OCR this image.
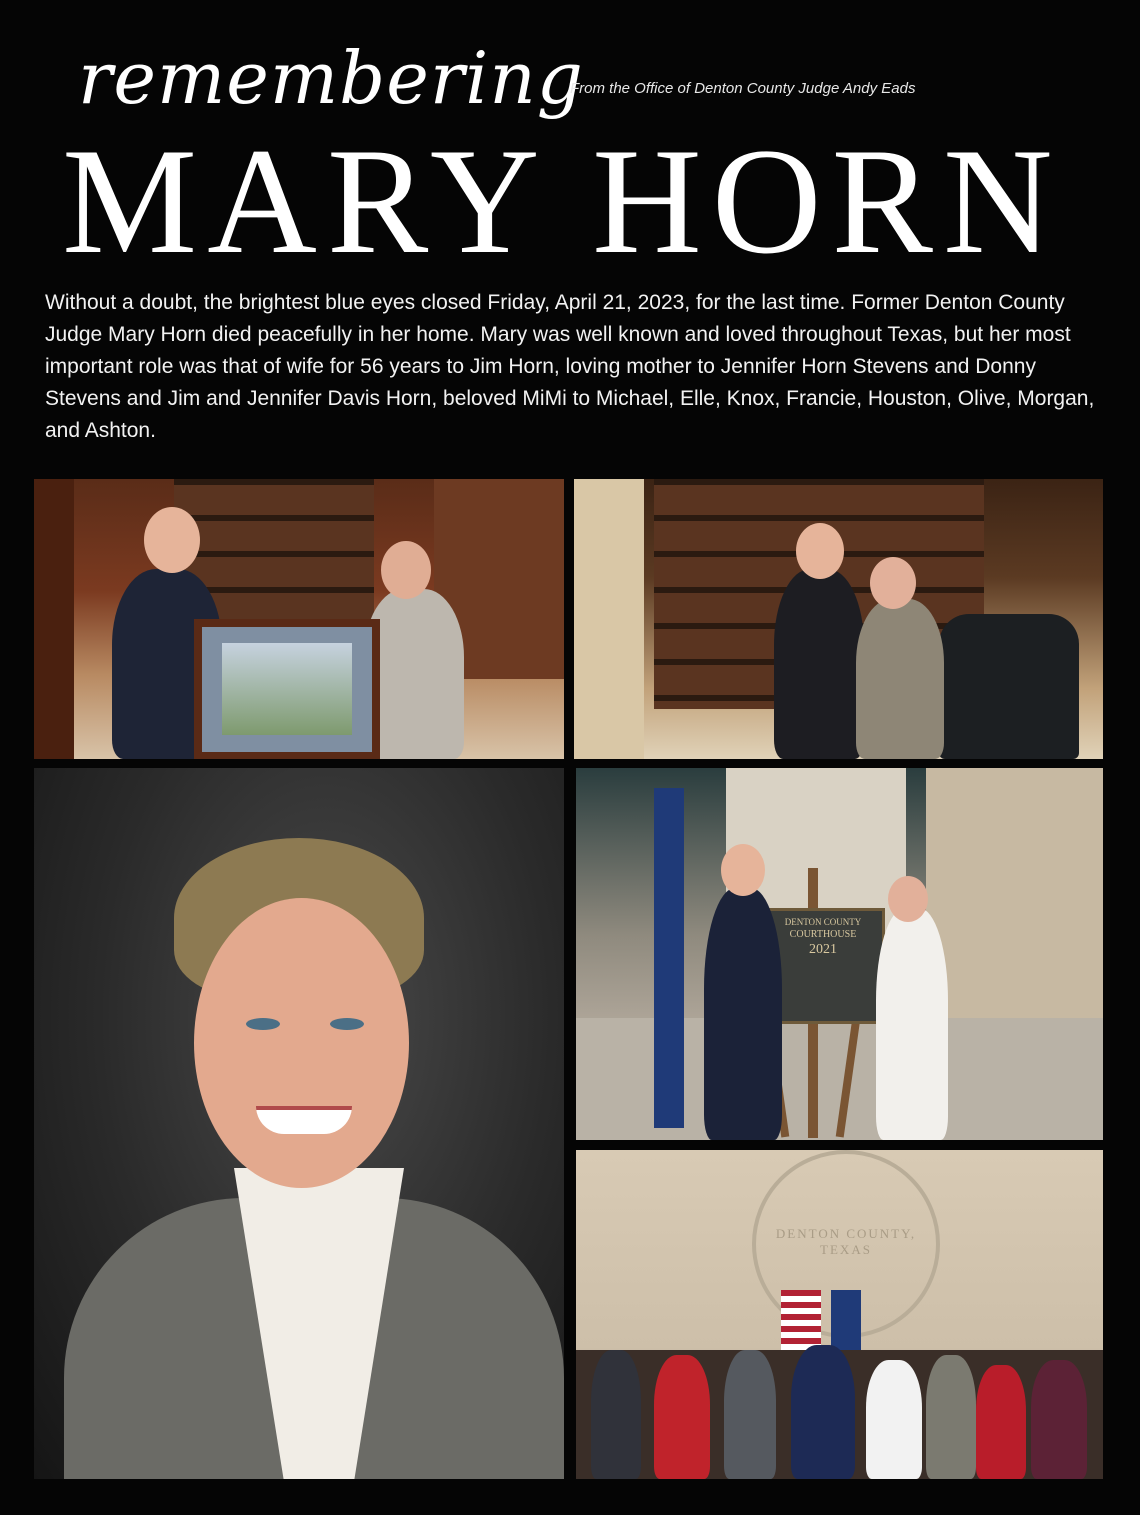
remembering
From the Office of Denton County Judge Andy Eads
MARY HORN

Without a doubt, the brightest blue eyes closed Friday, April 21, 2023, for the last time. Former Denton County Judge Mary Horn died peacefully in her home. Mary was well known and loved throughout Texas, but her most important role was that of wife for 56 years to Jim Horn, loving mother to Jennifer Horn Stevens and Donny Stevens and Jim and Jennifer Davis Horn, beloved MiMi to Michael, Elle, Knox, Francie, Houston, Olive, Morgan, and Ashton.

DENTON COUNTY
COURTHOUSE
2021
DENTON COUNTY, TEXAS
